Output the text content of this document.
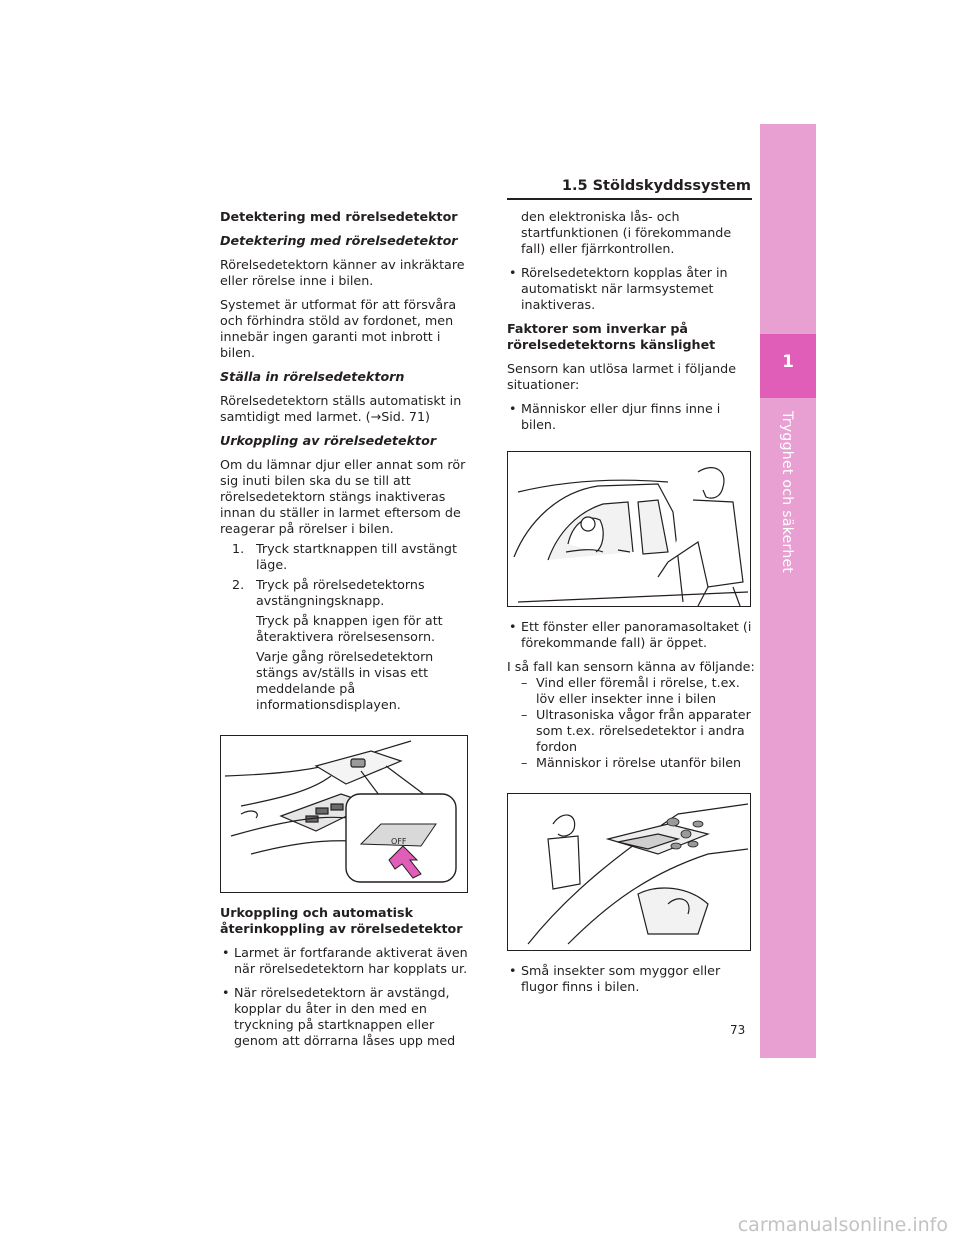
1
Trygghet och säkerhet
1.5 Stöldskyddssystem

Detektering med rörelsedetektor

Detektering med rörelsedetektor

Rörelsedetektorn känner av inkräktare eller rörelse inne i bilen.

Systemet är utformat för att försvåra och förhindra stöld av fordonet, men innebär ingen garanti mot inbrott i bilen.

Ställa in rörelsedetektorn

Rörelsedetektorn ställs automatiskt in samtidigt med larmet. (→Sid. 71)

Urkoppling av rörelsedetektor

Om du lämnar djur eller annat som rör sig inuti bilen ska du se till att rörelsedetektorn stängs inaktiveras innan du ställer in larmet eftersom de reagerar på rörelser i bilen.

1. Tryck startknappen till avstängt läge.
2. Tryck på rörelsedetektorns avstängningsknapp.

Tryck på knappen igen för att återaktivera rörelsesensorn.

Varje gång rörelsedetektorn stängs av/ställs in visas ett meddelande på informationsdisplayen.

OFF

Urkoppling och automatisk återinkoppling av rörelsedetektor

• Larmet är fortfarande aktiverat även när rörelsedetektorn har kopplats ur.
• När rörelsedetektorn är avstängd, kopplar du åter in den med en tryckning på startknappen eller genom att dörrarna låses upp med

den elektroniska lås- och startfunktionen (i förekommande fall) eller fjärrkontrollen.

• Rörelsedetektorn kopplas åter in automatiskt när larmsystemet inaktiveras.

Faktorer som inverkar på rörelsedetektorns känslighet

Sensorn kan utlösa larmet i följande situationer:

• Människor eller djur finns inne i bilen.
• Ett fönster eller panoramasoltaket (i förekommande fall) är öppet.

I så fall kan sensorn känna av följande:

– Vind eller föremål i rörelse, t.ex. löv eller insekter inne i bilen
– Ultrasoniska vågor från apparater som t.ex. rörelsedetektor i andra fordon
– Människor i rörelse utanför bilen
• Små insekter som myggor eller flugor finns i bilen.
73
carmanualsonline.info
